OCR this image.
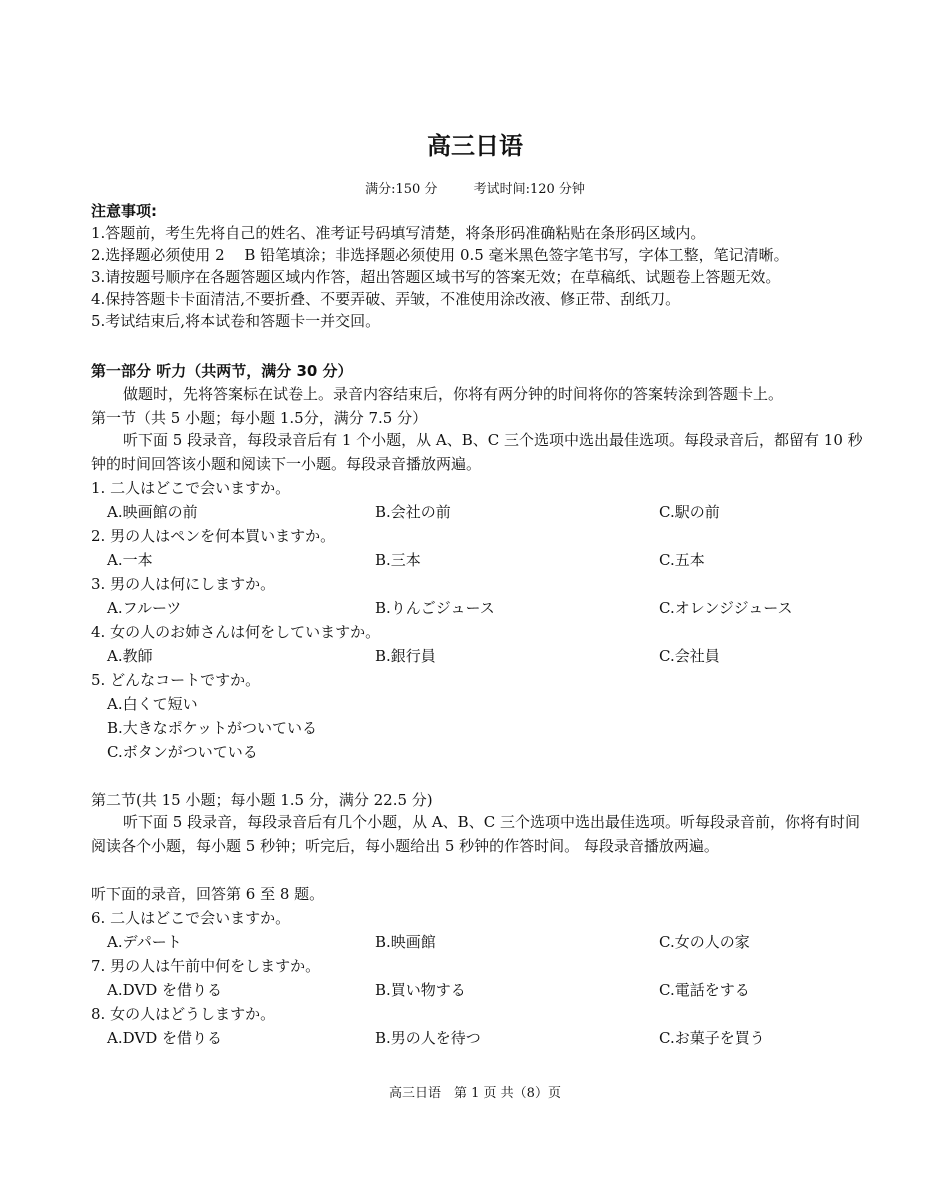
高三日语
满分:150 分	考试时间:120 分钟
注意事项:
1.答题前，考生先将自己的姓名、准考证号码填写清楚，将条形码准确粘贴在条形码区域内。
2.选择题必须使用 2　 B 铅笔填涂；非选择题必须使用 0.5 毫米黑色签字笔书写，字体工整，笔记清晰。
3.请按题号顺序在各题答题区域内作答，超出答题区域书写的答案无效；在草稿纸、试题卷上答题无效。
4.保持答题卡卡面清洁,不要折叠、不要弄破、弄皱，不准使用涂改液、修正带、刮纸刀。
5.考试结束后,将本试卷和答题卡一并交回。
第一部分 听力（共两节，满分 30 分）
做题时，先将答案标在试卷上。录音内容结束后，你将有两分钟的时间将你的答案转涂到答题卡上。
第一节（共 5 小题；每小题 1.5分，满分 7.5 分）
听下面 5 段录音，每段录音后有 1 个小题，从 A、B、C 三个选项中选出最佳选项。每段录音后，都留有 10 秒钟的时间回答该小题和阅读下一小题。每段录音播放两遍。
1. 二人はどこで会いますか。
A.映画館の前	B.会社の前	C.駅の前
2. 男の人はペンを何本買いますか。
A.一本	B.三本	C.五本
3. 男の人は何にしますか。
A.フルーツ	B.りんごジュース	C.オレンジジュース
4. 女の人のお姉さんは何をしていますか。
A.教師	B.銀行員	C.会社員
5. どんなコートですか。
A.白くて短い
B.大きなポケットがついている
C.ボタンがついている
第二节(共 15 小题；每小题 1.5 分，满分 22.5 分)
听下面 5 段录音，每段录音后有几个小题，从 A、B、C 三个选项中选出最佳选项。听每段录音前，你将有时间阅读各个小题，每小题 5 秒钟；听完后，每小题给出 5 秒钟的作答时间。 每段录音播放两遍。
听下面的录音，回答第 6 至 8 题。
6. 二人はどこで会いますか。
A.デパート	B.映画館	C.女の人の家
7. 男の人は午前中何をしますか。
A.DVD を借りる	B.買い物する	C.電話をする
8. 女の人はどうしますか。
A.DVD を借りる	B.男の人を待つ	C.お菓子を買う
高三日语　第 1 页 共（8）页
